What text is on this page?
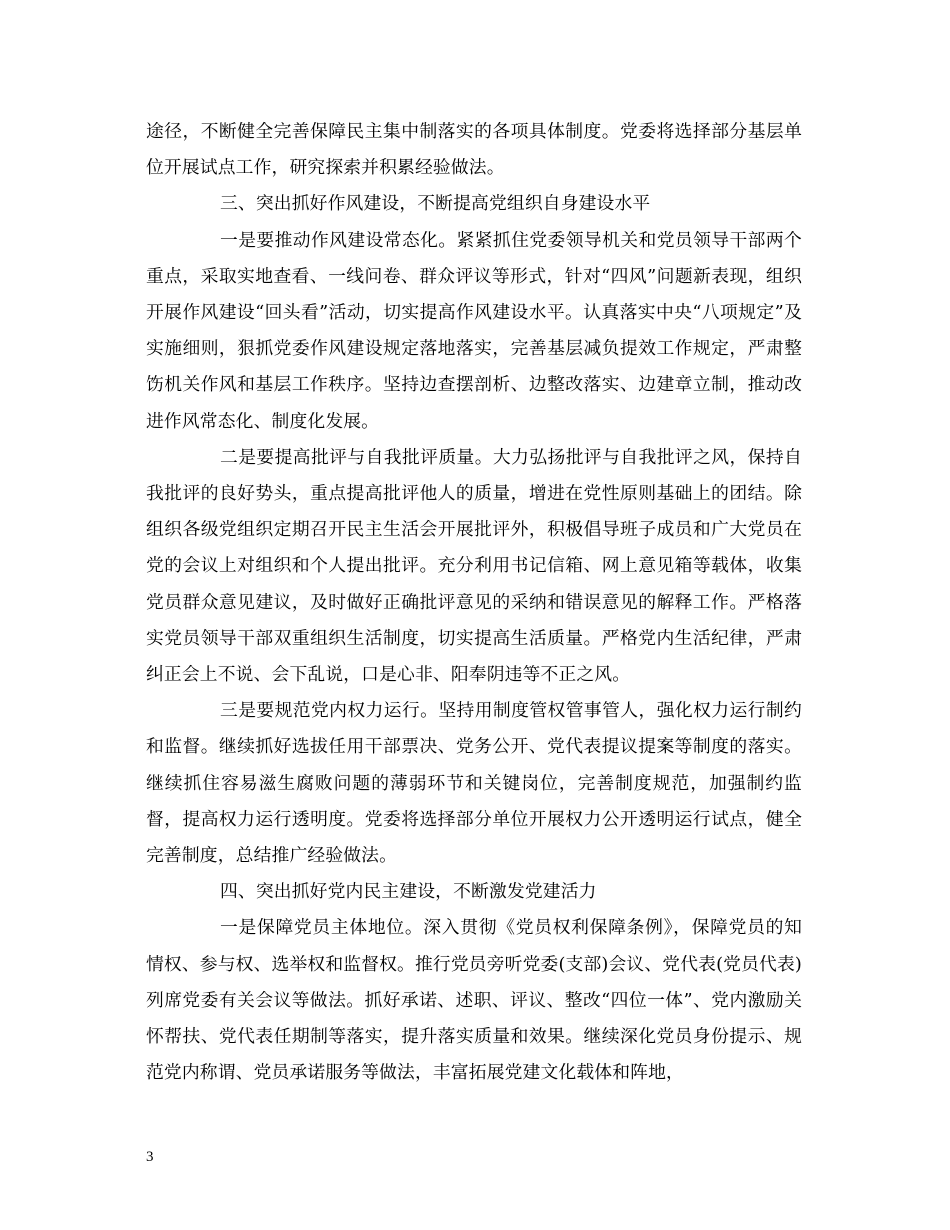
途径，不断健全完善保障民主集中制落实的各项具体制度。党委将选择部分基层单位开展试点工作，研究探索并积累经验做法。

三、突出抓好作风建设，不断提高党组织自身建设水平

一是要推动作风建设常态化。紧紧抓住党委领导机关和党员领导干部两个重点，采取实地查看、一线问卷、群众评议等形式，针对“四风”问题新表现，组织开展作风建设“回头看”活动，切实提高作风建设水平。认真落实中央“八项规定”及实施细则，狠抓党委作风建设规定落地落实，完善基层减负提效工作规定，严肃整饬机关作风和基层工作秩序。坚持边查摆剖析、边整改落实、边建章立制，推动改进作风常态化、制度化发展。

二是要提高批评与自我批评质量。大力弘扬批评与自我批评之风，保持自我批评的良好势头，重点提高批评他人的质量，增进在党性原则基础上的团结。除组织各级党组织定期召开民主生活会开展批评外，积极倡导班子成员和广大党员在党的会议上对组织和个人提出批评。充分利用书记信箱、网上意见箱等载体，收集党员群众意见建议，及时做好正确批评意见的采纳和错误意见的解释工作。严格落实党员领导干部双重组织生活制度，切实提高生活质量。严格党内生活纪律，严肃纠正会上不说、会下乱说，口是心非、阳奉阴违等不正之风。

三是要规范党内权力运行。坚持用制度管权管事管人，强化权力运行制约和监督。继续抓好选拔任用干部票决、党务公开、党代表提议提案等制度的落实。继续抓住容易滋生腐败问题的薄弱环节和关键岗位，完善制度规范，加强制约监督，提高权力运行透明度。党委将选择部分单位开展权力公开透明运行试点，健全完善制度，总结推广经验做法。

四、突出抓好党内民主建设，不断激发党建活力

一是保障党员主体地位。深入贯彻《党员权利保障条例》，保障党员的知情权、参与权、选举权和监督权。推行党员旁听党委(支部)会议、党代表(党员代表)列席党委有关会议等做法。抓好承诺、述职、评议、整改“四位一体”、党内激励关怀帮扶、党代表任期制等落实，提升落实质量和效果。继续深化党员身份提示、规范党内称谓、党员承诺服务等做法，丰富拓展党建文化载体和阵地，

3
